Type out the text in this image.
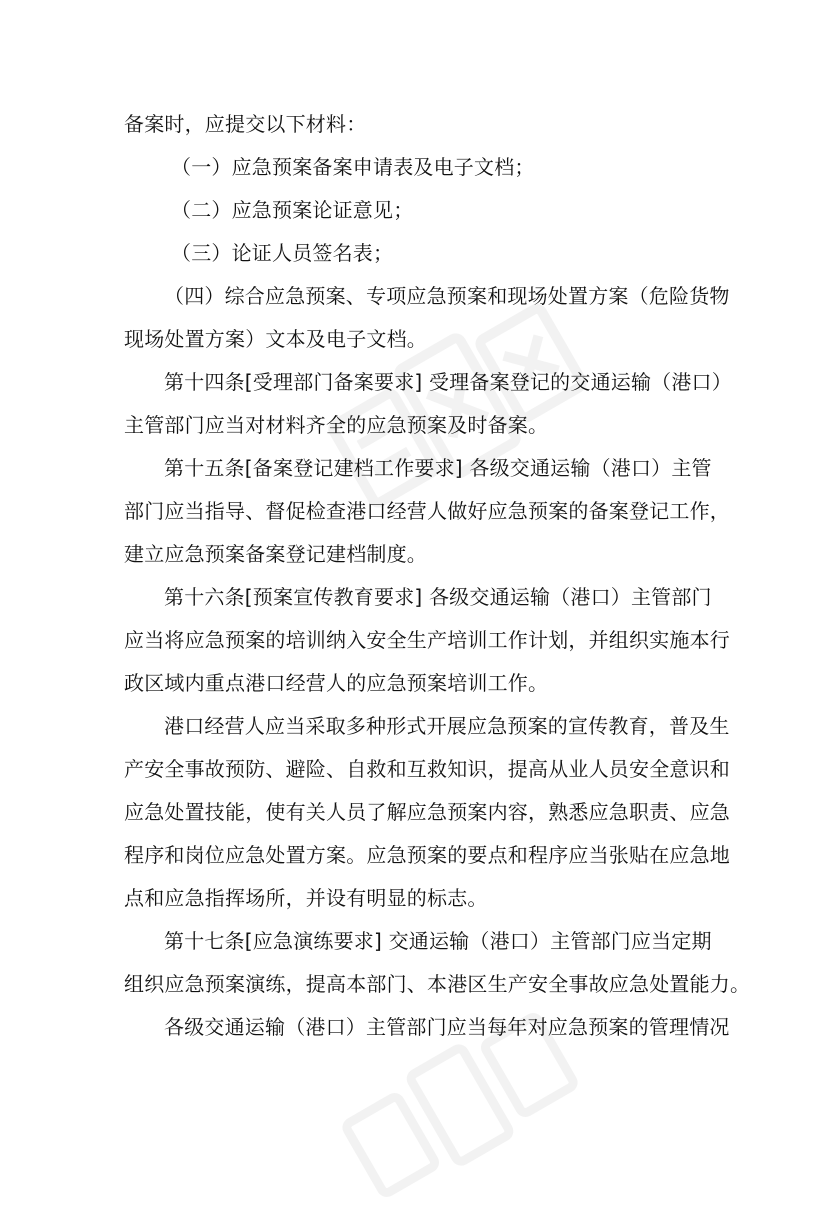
备案时，应提交以下材料：

（一）应急预案备案申请表及电子文档；

（二）应急预案论证意见；

（三）论证人员签名表；

（四）综合应急预案、专项应急预案和现场处置方案（危险货物

现场处置方案）文本及电子文档。

第十四条[受理部门备案要求] 受理备案登记的交通运输（港口）

主管部门应当对材料齐全的应急预案及时备案。

第十五条[备案登记建档工作要求] 各级交通运输（港口）主管

部门应当指导、督促检查港口经营人做好应急预案的备案登记工作，

建立应急预案备案登记建档制度。

第十六条[预案宣传教育要求] 各级交通运输（港口）主管部门

应当将应急预案的培训纳入安全生产培训工作计划，并组织实施本行

政区域内重点港口经营人的应急预案培训工作。

港口经营人应当采取多种形式开展应急预案的宣传教育，普及生

产安全事故预防、避险、自救和互救知识，提高从业人员安全意识和

应急处置技能，使有关人员了解应急预案内容，熟悉应急职责、应急

程序和岗位应急处置方案。应急预案的要点和程序应当张贴在应急地

点和应急指挥场所，并设有明显的标志。

第十七条[应急演练要求] 交通运输（港口）主管部门应当定期

组织应急预案演练，提高本部门、本港区生产安全事故应急处置能力。

各级交通运输（港口）主管部门应当每年对应急预案的管理情况
